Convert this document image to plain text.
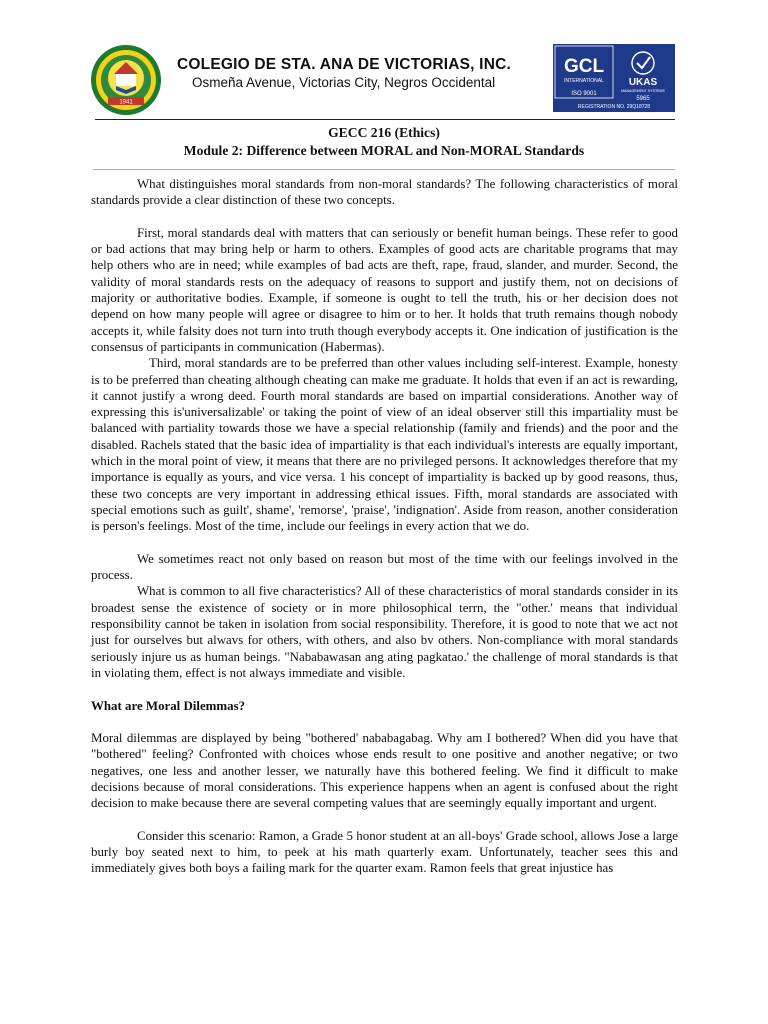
1941
COLEGIO DE STA. ANA DE VICTORIAS, INC.
Osmeña Avenue, Victorias City, Negros Occidental
GCL
INTERNATIONAL	UKAS
MANAGEMENT SYSTEMS
ISO 9001
5965
REGISTRATION NO. 29Q18728
GECC 216 (Ethics)
Module 2: Difference between MORAL and Non-MORAL Standards

What distinguishes moral standards from non-moral standards? The following characteristics of moral standards provide a clear distinction of these two concepts.

First, moral standards deal with matters that can seriously or benefit human beings. These refer to good or bad actions that may bring help or harm to others. Examples of good acts are charitable programs that may help others who are in need; while examples of bad acts are theft, rape, fraud, slander, and murder. Second, the validity of moral standards rests on the adequacy of reasons to support and justify them, not on decisions of majority or authoritative bodies. Example, if someone is ought to tell the truth, his or her decision does not depend on how many people will agree or disagree to him or to her. It holds that truth remains though nobody accepts it, while falsity does not turn into truth though everybody accepts it. One indication of justification is the consensus of participants in communication (Habermas).

Third, moral standards are to be preferred than other values including self-interest. Example, honesty is to be preferred than cheating although cheating can make me graduate. It holds that even if an act is rewarding, it cannot justify a wrong deed. Fourth moral standards are based on impartial considerations. Another way of expressing this is'universalizable' or taking the point of view of an ideal observer still this impartiality must be balanced with partiality towards those we have a special relationship (family and friends) and the poor and the disabled. Rachels stated that the basic idea of impartiality is that each individual's interests are equally important, which in the moral point of view, it means that there are no privileged persons. It acknowledges therefore that my importance is equally as yours, and vice versa. 1 his concept of impartiality is backed up by good reasons, thus, these two concepts are very important in addressing ethical issues. Fifth, moral standards are associated with special emotions such as guilt', shame', 'remorse', 'praise', 'indignation'. Aside from reason, another consideration is person's feelings. Most of the time, include our feelings in every action that we do.

We sometimes react not only based on reason but most of the time with our feelings involved in the process.

What is common to all five characteristics? All of these characteristics of moral standards consider in its broadest sense the existence of society or in more philosophical terrn, the "other.' means that individual responsibility cannot be taken in isolation from social responsibility. Therefore, it is good to note that we act not just for ourselves but alwavs for others, with others, and also bv others. Non-compliance with moral standards seriously injure us as human beings. "Nababawasan ang ating pagkatao.' the challenge of moral standards is that in violating them, effect is not always immediate and visible.

What are Moral Dilemmas?

Moral dilemmas are displayed by being "bothered' nababagabag. Why am I bothered? When did you have that "bothered" feeling? Confronted with choices whose ends result to one positive and another negative; or two negatives, one less and another lesser, we naturally have this bothered feeling. We find it difficult to make decisions because of moral considerations. This experience happens when an agent is confused about the right decision to make because there are several competing values that are seemingly equally important and urgent.

Consider this scenario: Ramon, a Grade 5 honor student at an all-boys' Grade school, allows Jose a large burly boy seated next to him, to peek at his math quarterly exam. Unfortunately, teacher sees this and immediately gives both boys a failing mark for the quarter exam. Ramon feels that great injustice has
